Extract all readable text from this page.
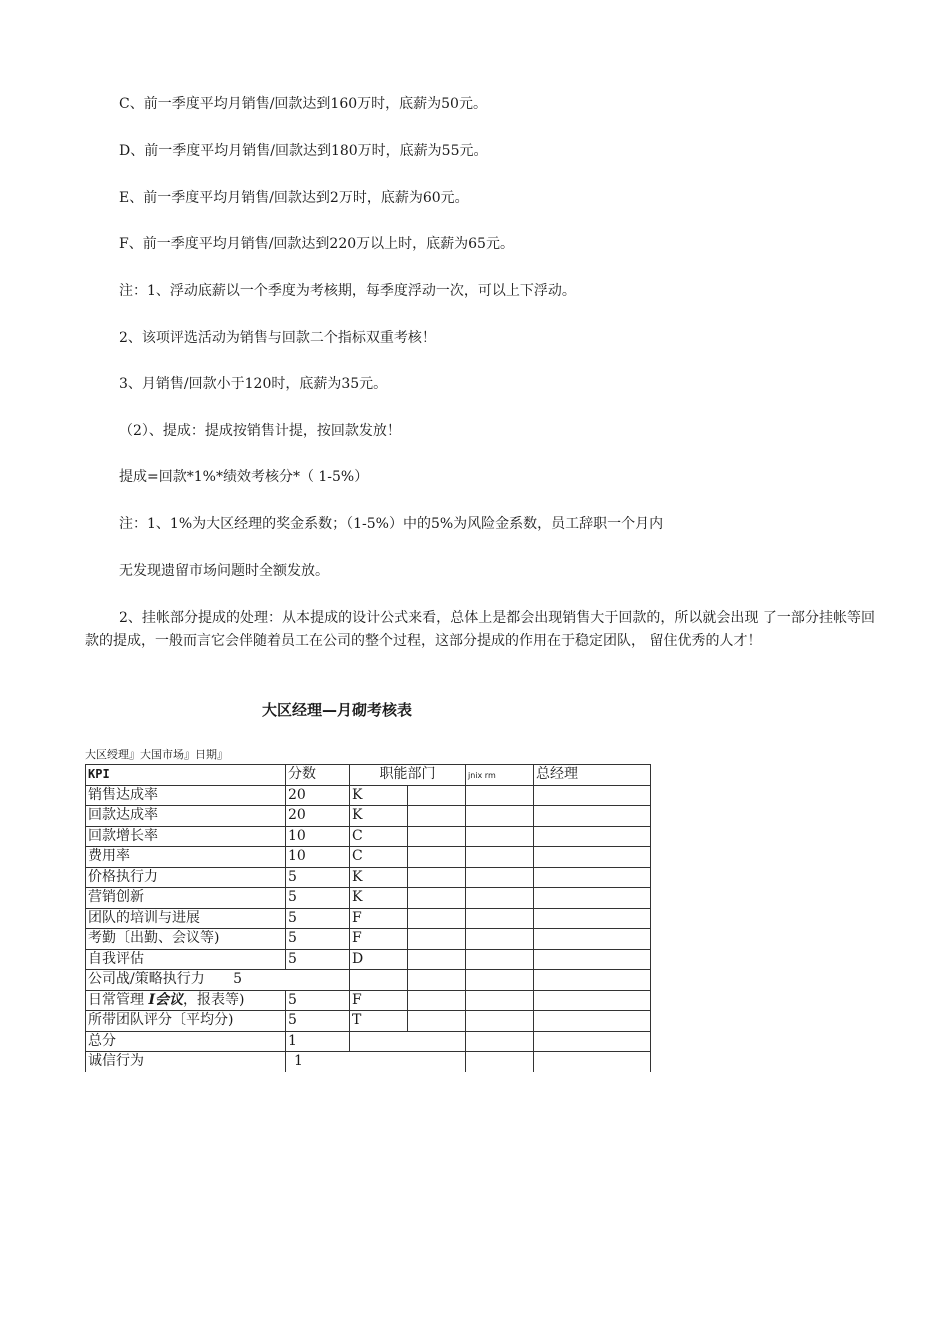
C、前一季度平均月销售/回款达到160万时，底薪为50元。

D、前一季度平均月销售/回款达到180万时，底薪为55元。

E、前一季度平均月销售/回款达到2万时，底薪为60元。

F、前一季度平均月销售/回款达到220万以上时，底薪为65元。

注：1、浮动底薪以一个季度为考核期，每季度浮动一次，可以上下浮动。

2、该项评选活动为销售与回款二个指标双重考核！

3、月销售/回款小于120时，底薪为35元。

（2）、提成：提成按销售计提，按回款发放！

提成=回款*1%*绩效考核分*（ 1-5%）

注：1、1%为大区经理的奖金系数；（1-5%）中的5%为风险金系数，员工辞职一个月内

无发现遗留市场问题时全额发放。

2、挂帐部分提成的处理：从本提成的设计公式来看，总体上是都会出现销售大于回款的，所以就会出现 了一部分挂帐等回款的提成，一般而言它会伴随着员工在公司的整个过程，这部分提成的作用在于稳定团队， 留住优秀的人才！

大区经理—月砌考核表

大区绶理』大国市场』日期』

KPI	分数	职能部门		jnix rm	总经理
销售达成率	20	K			
回款达成率	20	K			
回款增长率	10	C			
费用率	10	C			
价格执行力	5	K			
营销创新	5	K			
团队的培训与进展	5	F			
考勤〔出勤、会议等)	5	F			
自我评估	5	D			
公司战/策略执行力 5					
日常管理 I会议，报表等)	5	F			
所带团队评分〔平均分)	5	T			
总分	1				
诚信行为	1				
